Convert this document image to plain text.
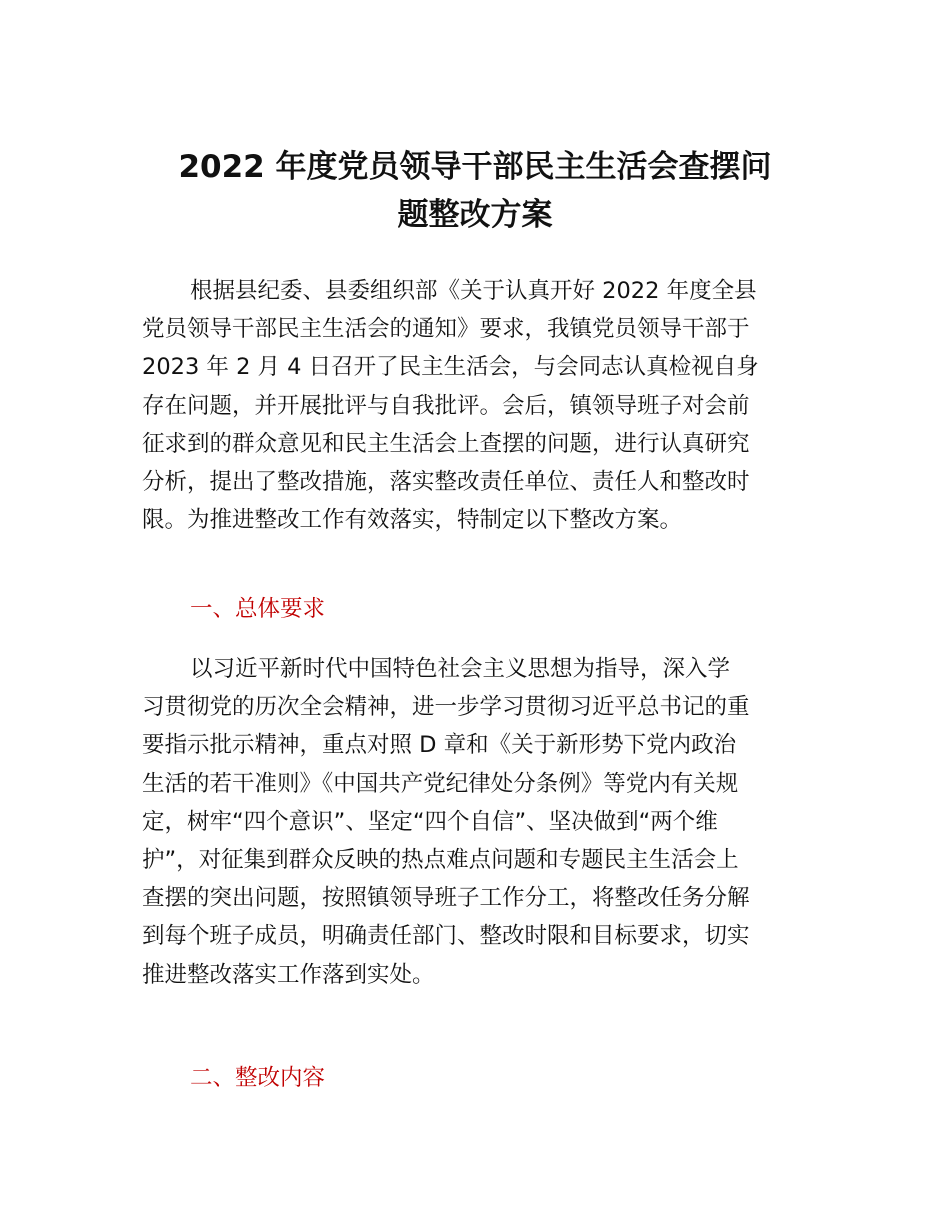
2022 年度党员领导干部民主生活会查摆问
题整改方案

根据县纪委、县委组织部《关于认真开好 2022 年度全县
党员领导干部民主生活会的通知》要求，我镇党员领导干部于
2023 年 2 月 4 日召开了民主生活会，与会同志认真检视自身
存在问题，并开展批评与自我批评。会后，镇领导班子对会前
征求到的群众意见和民主生活会上查摆的问题，进行认真研究
分析，提出了整改措施，落实整改责任单位、责任人和整改时
限。为推进整改工作有效落实，特制定以下整改方案。

一、总体要求

以习近平新时代中国特色社会主义思想为指导，深入学
习贯彻党的历次全会精神，进一步学习贯彻习近平总书记的重
要指示批示精神，重点对照 D 章和《关于新形势下党内政治
生活的若干准则》《中国共产党纪律处分条例》等党内有关规
定，树牢“四个意识”、坚定“四个自信”、坚决做到“两个维
护”，对征集到群众反映的热点难点问题和专题民主生活会上
查摆的突出问题，按照镇领导班子工作分工，将整改任务分解
到每个班子成员，明确责任部门、整改时限和目标要求，切实
推进整改落实工作落到实处。

二、整改内容
